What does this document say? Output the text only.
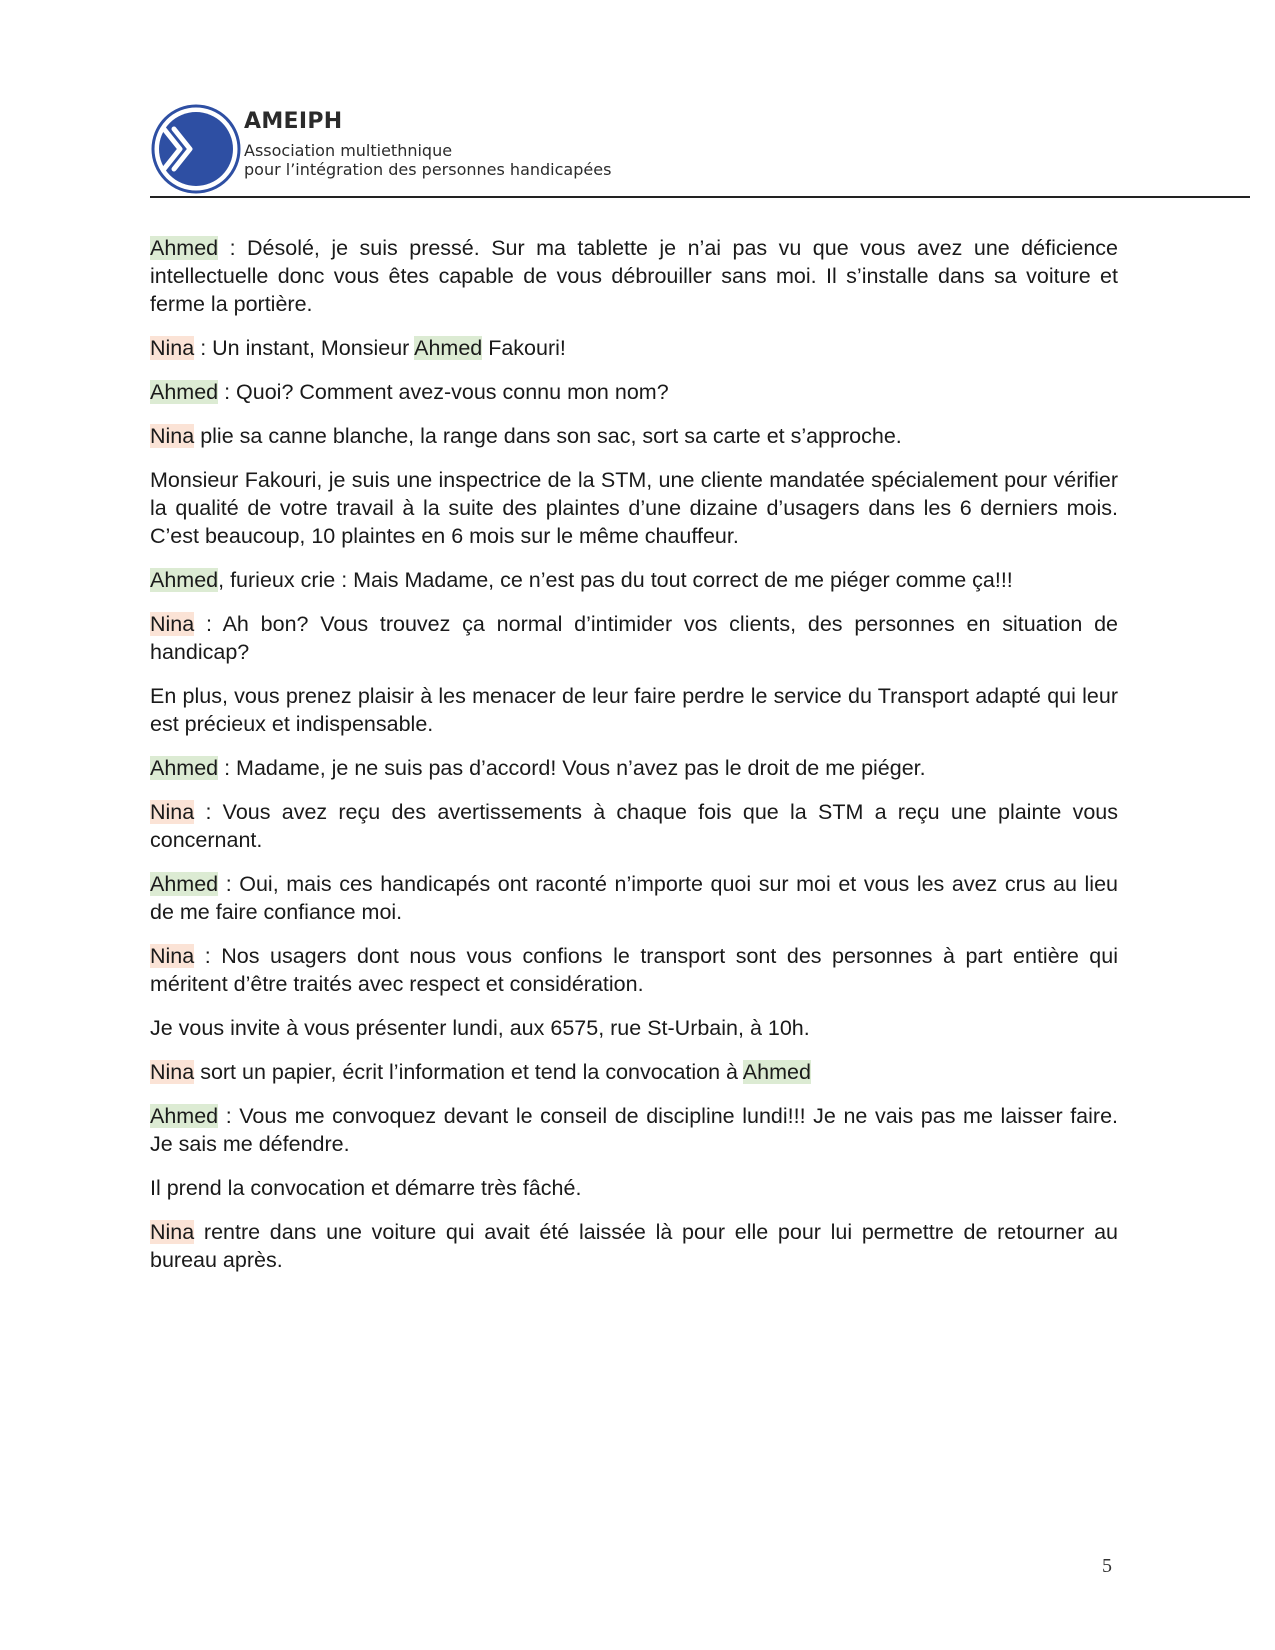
AMEIPH
Association multiethnique
pour l’intégration des personnes handicapées

Ahmed : Désolé, je suis pressé. Sur ma tablette je n’ai pas vu que vous avez une déficience intellectuelle donc vous êtes capable de vous débrouiller sans moi. Il s’installe dans sa voiture et ferme la portière.

Nina : Un instant, Monsieur Ahmed Fakouri!

Ahmed : Quoi? Comment avez-vous connu mon nom?

Nina plie sa canne blanche, la range dans son sac, sort sa carte et s’approche.

Monsieur Fakouri, je suis une inspectrice de la STM, une cliente mandatée spécialement pour vérifier la qualité de votre travail à la suite des plaintes d’une dizaine d’usagers dans les 6 derniers mois. C’est beaucoup, 10 plaintes en 6 mois sur le même chauffeur.

Ahmed, furieux crie : Mais Madame, ce n’est pas du tout correct de me piéger comme ça!!!

Nina : Ah bon? Vous trouvez ça normal d’intimider vos clients, des personnes en situation de handicap?

En plus, vous prenez plaisir à les menacer de leur faire perdre le service du Transport adapté qui leur est précieux et indispensable.

Ahmed : Madame, je ne suis pas d’accord! Vous n’avez pas le droit de me piéger.

Nina : Vous avez reçu des avertissements à chaque fois que la STM a reçu une plainte vous concernant.

Ahmed : Oui, mais ces handicapés ont raconté n’importe quoi sur moi et vous les avez crus au lieu de me faire confiance moi.

Nina : Nos usagers dont nous vous confions le transport sont des personnes à part entière qui méritent d’être traités avec respect et considération.

Je vous invite à vous présenter lundi, aux 6575, rue St-Urbain, à 10h.

Nina sort un papier, écrit l’information et tend la convocation à Ahmed

Ahmed : Vous me convoquez devant le conseil de discipline lundi!!! Je ne vais pas me laisser faire. Je sais me défendre.

Il prend la convocation et démarre très fâché.

Nina rentre dans une voiture qui avait été laissée là pour elle pour lui permettre de retourner au bureau après.

5
